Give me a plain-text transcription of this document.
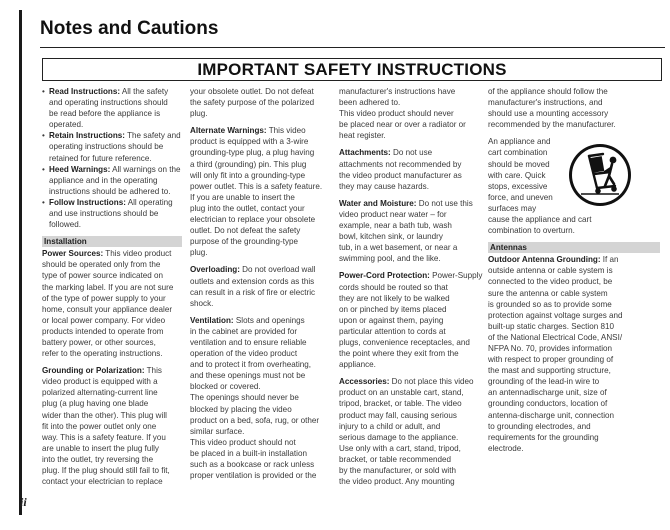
Notes and Cautions
IMPORTANT SAFETY INSTRUCTIONS
• Read Instructions: All the safety
and operating instructions should
be read before the appliance is
operated.
• Retain Instructions: The safety and
operating instructions should be
retained for future reference.
• Heed Warnings: All warnings on the
appliance and in the operating
instructions should be adhered to.
• Follow Instructions: All operating
and use instructions should be
followed.
Installation
Power Sources: This video product
should be operated only from the
type of power source indicated on
the marking label. If you are not sure
of the type of power supply to your
home, consult your appliance dealer
or local power company. For video
products intended to operate from
battery power, or other sources,
refer to the operating instructions.
Grounding or Polarization: This
video product is equipped with a
polarized alternating-current line
plug (a plug having one blade
wider than the other). This plug will
fit into the power outlet only one
way. This is a safety feature. If you
are unable to insert the plug fully
into the outlet, try reversing the
plug. If the plug should still fail to fit,
contact your electrician to replace
your obsolete outlet. Do not defeat
the safety purpose of the polarized
plug.
Alternate Warnings: This video
product is equipped with a 3-wire
grounding-type plug, a plug having
a third (grounding) pin. This plug
will only fit into a grounding-type
power outlet. This is a safety feature.
If you are unable to insert the
plug into the outlet, contact your
electrician to replace your obsolete
outlet. Do not defeat the safety
purpose of the grounding-type
plug.
Overloading: Do not overload wall
outlets and extension cords as this
can result in a risk of fire or electric
shock.
Ventilation: Slots and openings
in the cabinet are provided for
ventilation and to ensure reliable
operation of the video product
and to protect it from overheating,
and these openings must not be
blocked or covered.
The openings should never be
blocked by placing the video
product on a bed, sofa, rug, or other
similar surface.
This video product should not
be placed in a built-in installation
such as a bookcase or rack unless
proper ventilation is provided or the
manufacturer's instructions have
been adhered to.
This video product should never
be placed near or over a radiator or
heat register.
Attachments: Do not use
attachments not recommended by
the video product manufacturer as
they may cause hazards.
Water and Moisture: Do not use this
video product near water – for
example, near a bath tub, wash
bowl, kitchen sink, or laundry
tub, in a wet basement, or near a
swimming pool, and the like.
Power-Cord Protection: Power-Supply
cords should be routed so that
they are not likely to be walked
on or pinched by items placed
upon or against them, paying
particular attention to cords at
plugs, convenience receptacles, and
the point where they exit from the
appliance.
Accessories: Do not place this video
product on an unstable cart, stand,
tripod, bracket, or table. The video
product may fall, causing serious
injury to a child or adult, and
serious damage to the appliance.
Use only with a cart, stand, tripod,
bracket, or table recommended
by the manufacturer, or sold with
the video product. Any mounting
of the appliance should follow the
manufacturer's instructions, and
should use a mounting accessory
recommended by the manufacturer.
An appliance and
cart combination
should be moved
with care. Quick
stops, excessive
force, and uneven
surfaces may
cause the appliance and cart
combination to overturn.
Antennas
Outdoor Antenna Grounding: If an
outside antenna or cable system is
connected to the video product, be
sure the antenna or cable system
is grounded so as to provide some
protection against voltage surges and
built-up static charges. Section 810
of the National Electrical Code, ANSI/
NFPA No. 70, provides information
with respect to proper grounding of
the mast and supporting structure,
grounding of the lead-in wire to
an antennadischarge unit, size of
grounding conductors, location of
antenna-discharge unit, connection
to grounding electrodes, and
requirements for the grounding
electrode.
ii
